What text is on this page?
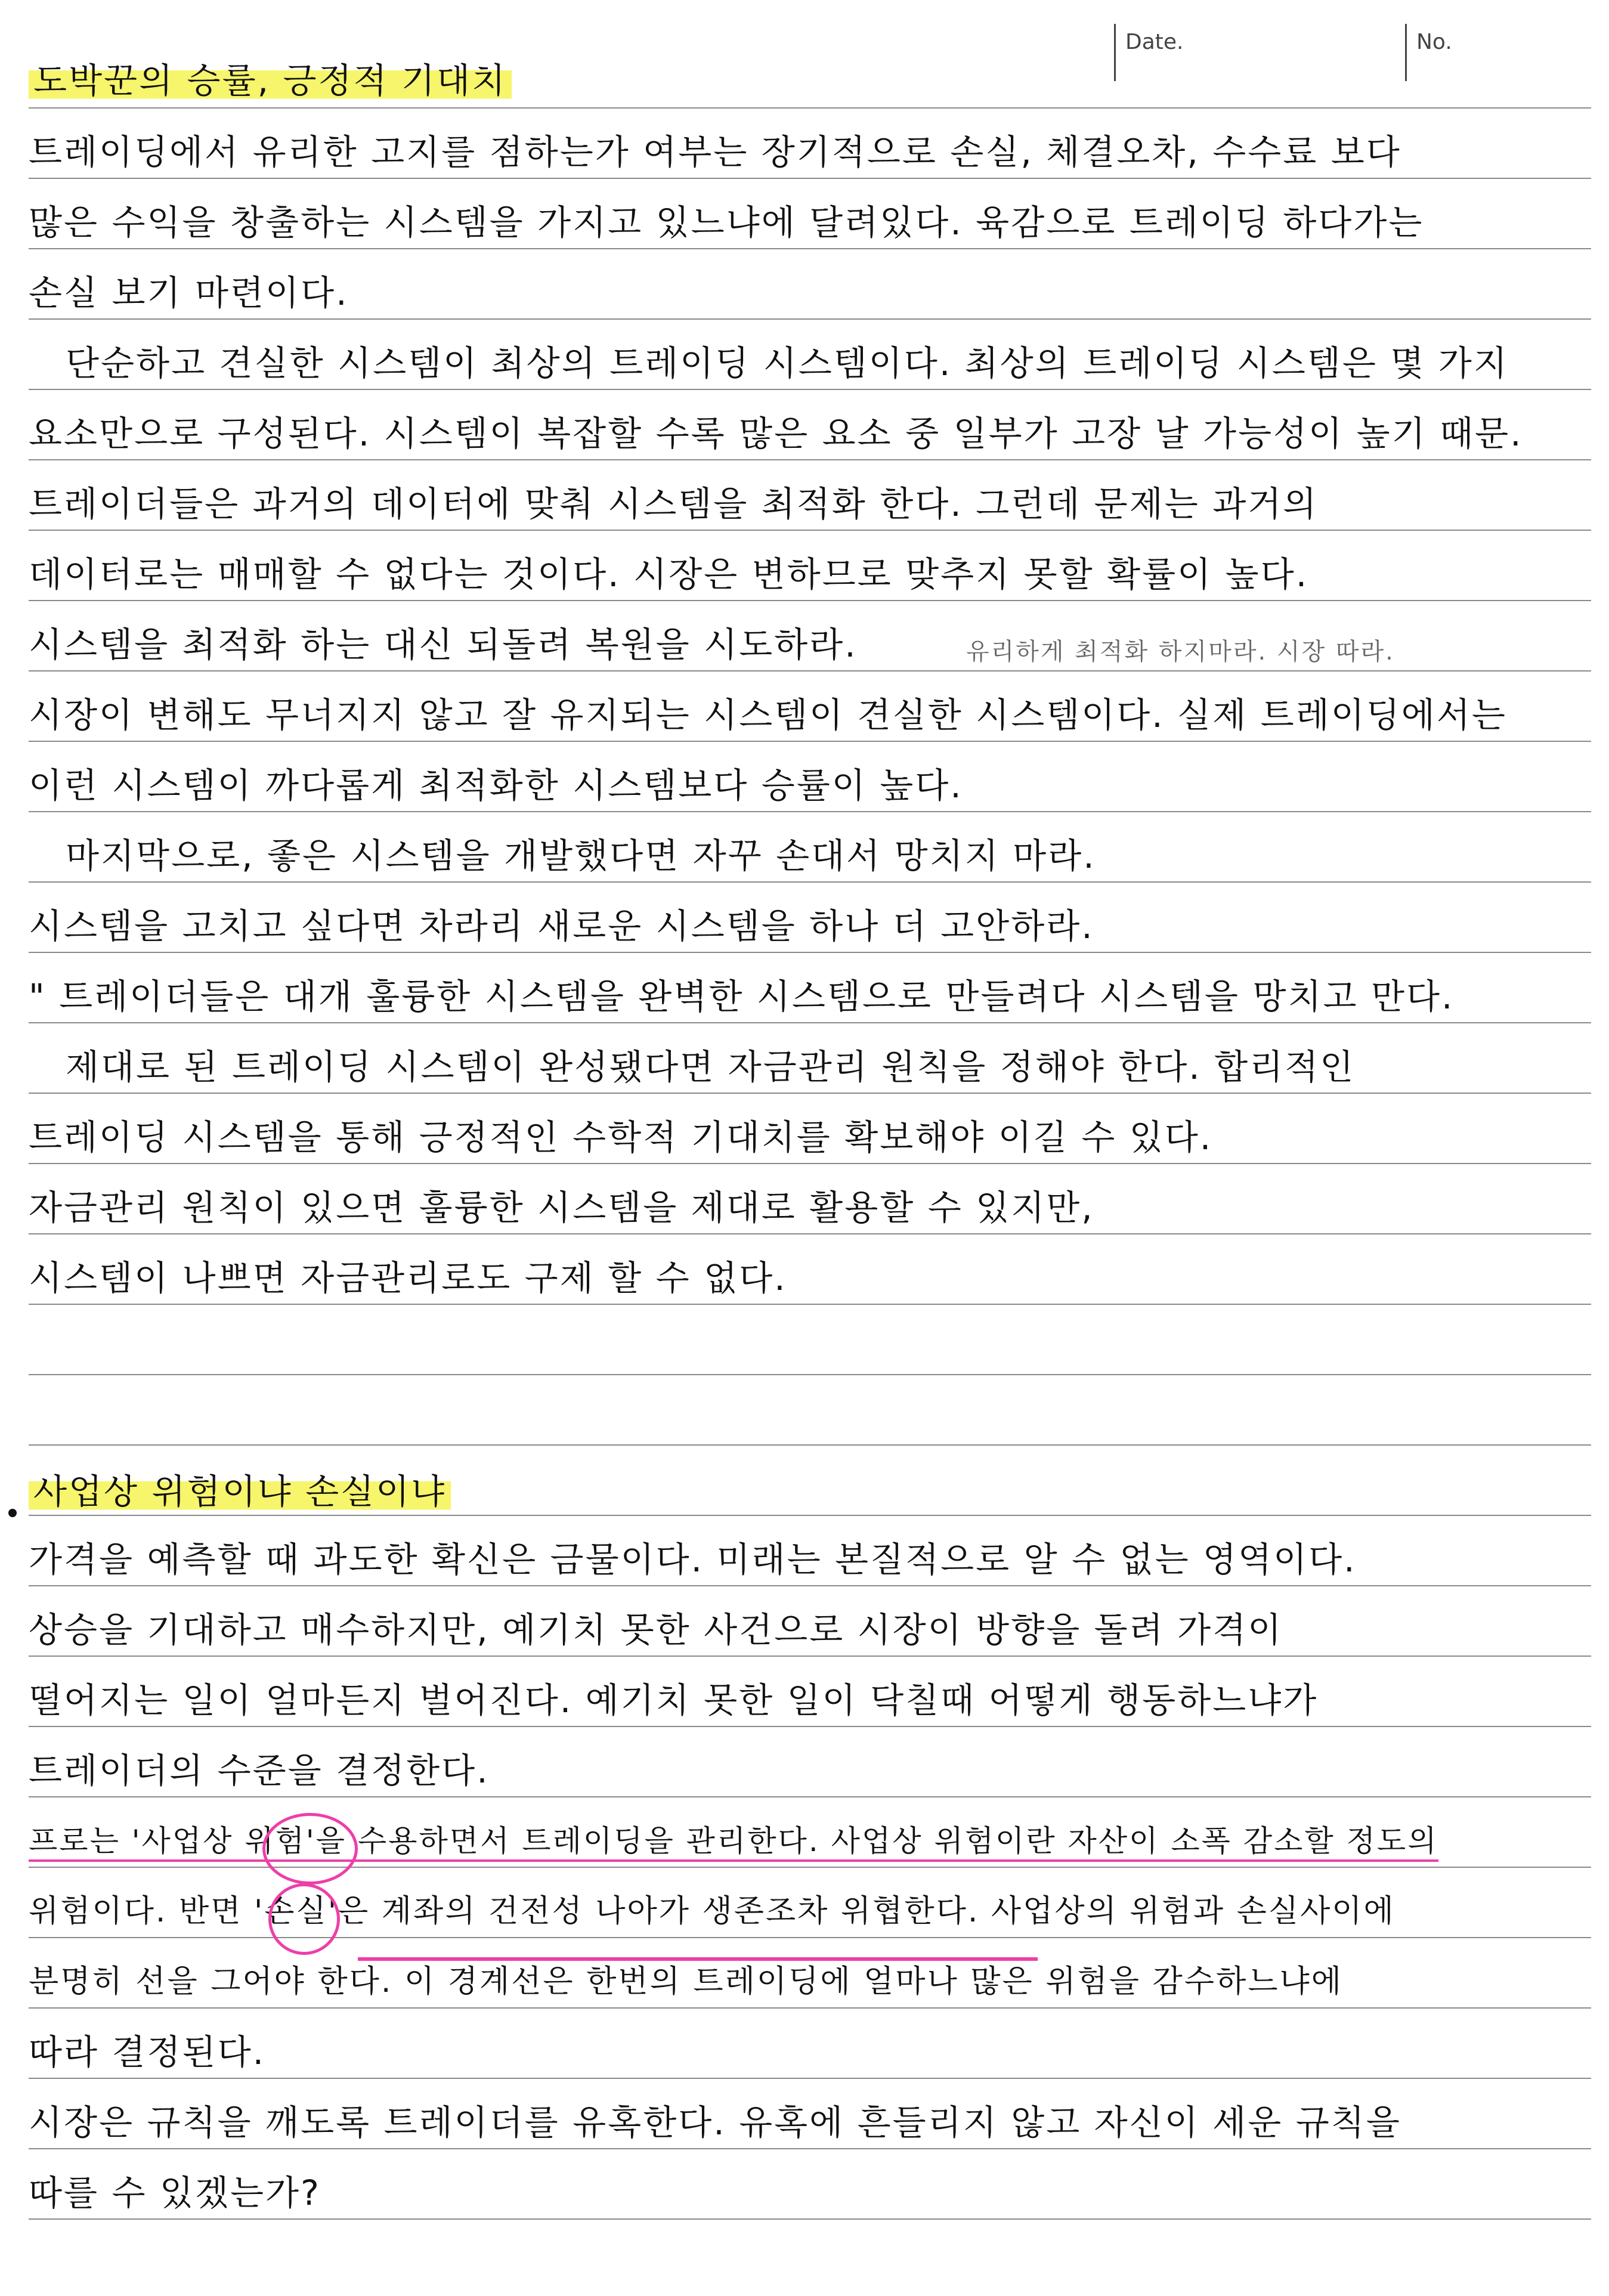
Date.	No.
도박꾼의 승률, 긍정적 기대치
트레이딩에서 유리한 고지를 점하는가 여부는 장기적으로 손실, 체결오차, 수수료 보다
많은 수익을 창출하는 시스템을 가지고 있느냐에 달려있다. 육감으로 트레이딩 하다가는
손실 보기 마련이다.
단순하고 견실한 시스템이 최상의 트레이딩 시스템이다. 최상의 트레이딩 시스템은 몇 가지
요소만으로 구성된다. 시스템이 복잡할 수록 많은 요소 중 일부가 고장 날 가능성이 높기 때문.
트레이더들은 과거의 데이터에 맞춰 시스템을 최적화 한다. 그런데 문제는 과거의
데이터로는 매매할 수 없다는 것이다. 시장은 변하므로 맞추지 못할 확률이 높다.
시스템을 최적화 하는 대신 되돌려 복원을 시도하라.	유리하게 최적화 하지마라. 시장 따라.
시장이 변해도 무너지지 않고 잘 유지되는 시스템이 견실한 시스템이다. 실제 트레이딩에서는
이런 시스템이 까다롭게 최적화한 시스템보다 승률이 높다.
마지막으로, 좋은 시스템을 개발했다면 자꾸 손대서 망치지 마라.
시스템을 고치고 싶다면 차라리 새로운 시스템을 하나 더 고안하라.
" 트레이더들은 대개 훌륭한 시스템을 완벽한 시스템으로 만들려다 시스템을 망치고 만다.
제대로 된 트레이딩 시스템이 완성됐다면 자금관리 원칙을 정해야 한다. 합리적인
트레이딩 시스템을 통해 긍정적인 수학적 기대치를 확보해야 이길 수 있다.
자금관리 원칙이 있으면 훌륭한 시스템을 제대로 활용할 수 있지만,
시스템이 나쁘면 자금관리로도 구제 할 수 없다.
사업상 위험이냐 손실이냐
가격을 예측할 때 과도한 확신은 금물이다. 미래는 본질적으로 알 수 없는 영역이다.
상승을 기대하고 매수하지만, 예기치 못한 사건으로 시장이 방향을 돌려 가격이
떨어지는 일이 얼마든지 벌어진다. 예기치 못한 일이 닥칠때 어떻게 행동하느냐가
트레이더의 수준을 결정한다.
프로는 '사업상 위험'을 수용하면서 트레이딩을 관리한다. 사업상 위험이란 자산이 소폭 감소할 정도의
위험이다. 반면 '손실'은 계좌의 건전성 나아가 생존조차 위협한다. 사업상의 위험과 손실사이에
분명히 선을 그어야 한다. 이 경계선은 한번의 트레이딩에 얼마나 많은 위험을 감수하느냐에
따라 결정된다.
시장은 규칙을 깨도록 트레이더를 유혹한다. 유혹에 흔들리지 않고 자신이 세운 규칙을
따를 수 있겠는가?
